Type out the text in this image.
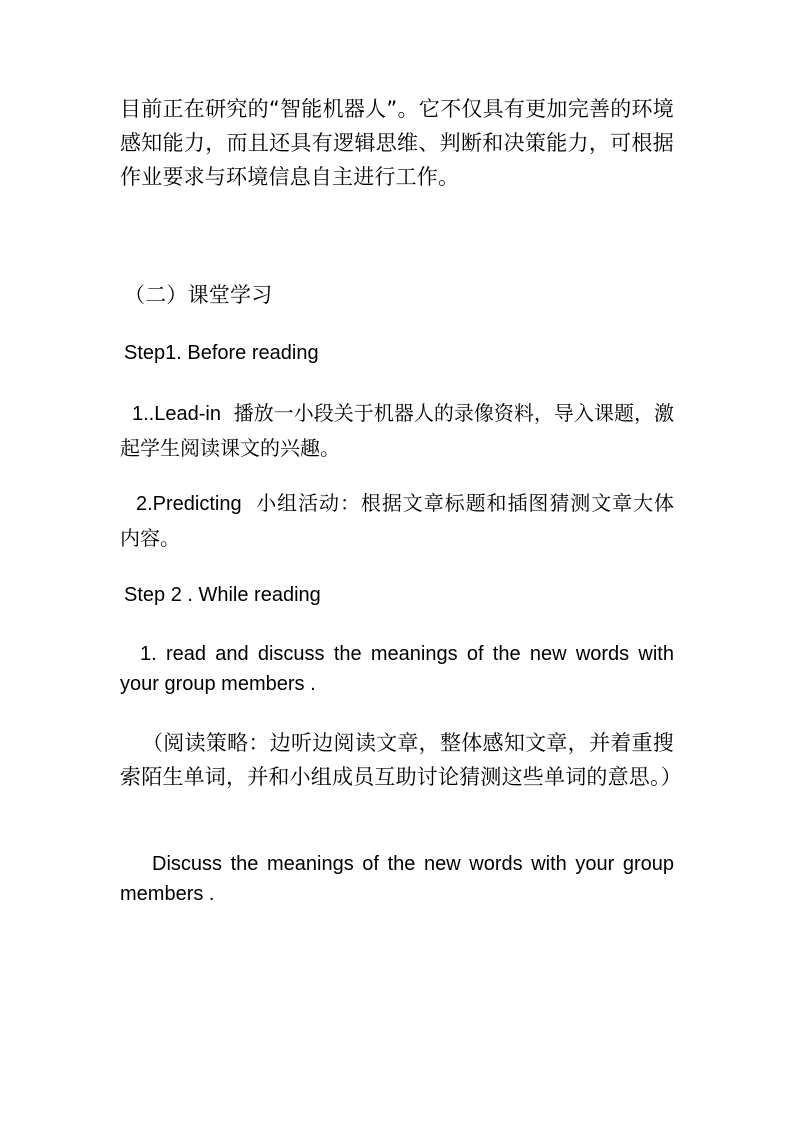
目前正在研究的“智能机器人”。它不仅具有更加完善的环境感知能力，而且还具有逻辑思维、判断和决策能力，可根据作业要求与环境信息自主进行工作。

（二）课堂学习

Step1. Before reading

1..Lead-in 播放一小段关于机器人的录像资料，导入课题，激起学生阅读课文的兴趣。

2.Predicting 小组活动：根据文章标题和插图猜测文章大体内容。

Step 2 . While reading

1. read and discuss the meanings of the new words with your group members .

（阅读策略：边听边阅读文章，整体感知文章，并着重搜索陌生单词，并和小组成员互助讨论猜测这些单词的意思。）

Discuss the meanings of the new words with your group members .
